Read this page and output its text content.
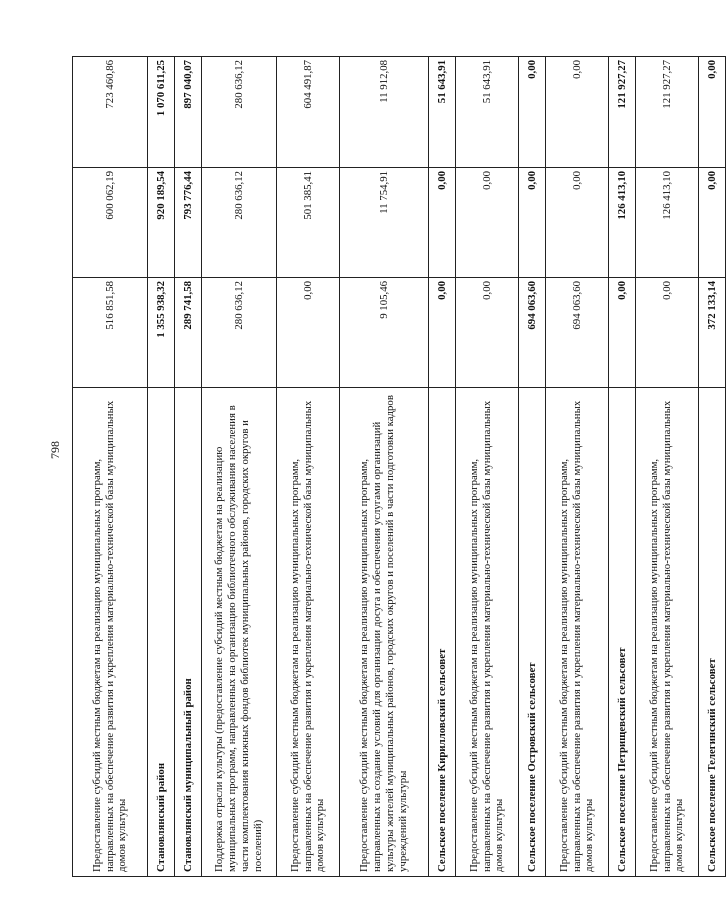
798
Предоставление субсидий местным бюджетам на реализацию муниципальных программ, направленных на обеспечение развития и укрепления материально-технической базы муниципальных домов культуры	516 851,58	600 062,19	723 460,86
Становлянский район	1 355 938,32	920 189,54	1 070 611,25
Становлянский муниципальный район	289 741,58	793 776,44	897 040,07
Поддержка отрасли культуры (предоставление субсидий местным бюджетам на реализацию муниципальных программ, направленных на организацию библиотечного обслуживания населения в части комплектования книжных фондов библиотек муниципальных районов, городских округов и поселений)	280 636,12	280 636,12	280 636,12
Предоставление субсидий местным бюджетам на реализацию муниципальных программ, направленных на обеспечение развития и укрепления материально-технической базы муниципальных домов культуры	0,00	501 385,41	604 491,87
Предоставление субсидий местным бюджетам на реализацию муниципальных программ, направленных на создание условий для организации досуга и обеспечения услугами организаций культуры жителей муниципальных районов, городских округов и поселений в части подготовки кадров учреждений культуры	9 105,46	11 754,91	11 912,08
Сельское поселение Кирилловский сельсовет	0,00	0,00	51 643,91
Предоставление субсидий местным бюджетам на реализацию муниципальных программ, направленных на обеспечение развития и укрепления материально-технической базы муниципальных домов культуры	0,00	0,00	51 643,91
Сельское поселение Островский сельсовет	694 063,60	0,00	0,00
Предоставление субсидий местным бюджетам на реализацию муниципальных программ, направленных на обеспечение развития и укрепления материально-технической базы муниципальных домов культуры	694 063,60	0,00	0,00
Сельское поселение Петрищевский сельсовет	0,00	126 413,10	121 927,27
Предоставление субсидий местным бюджетам на реализацию муниципальных программ, направленных на обеспечение развития и укрепления материально-технической базы муниципальных домов культуры	0,00	126 413,10	121 927,27
Сельское поселение Телегинский сельсовет	372 133,14	0,00	0,00
